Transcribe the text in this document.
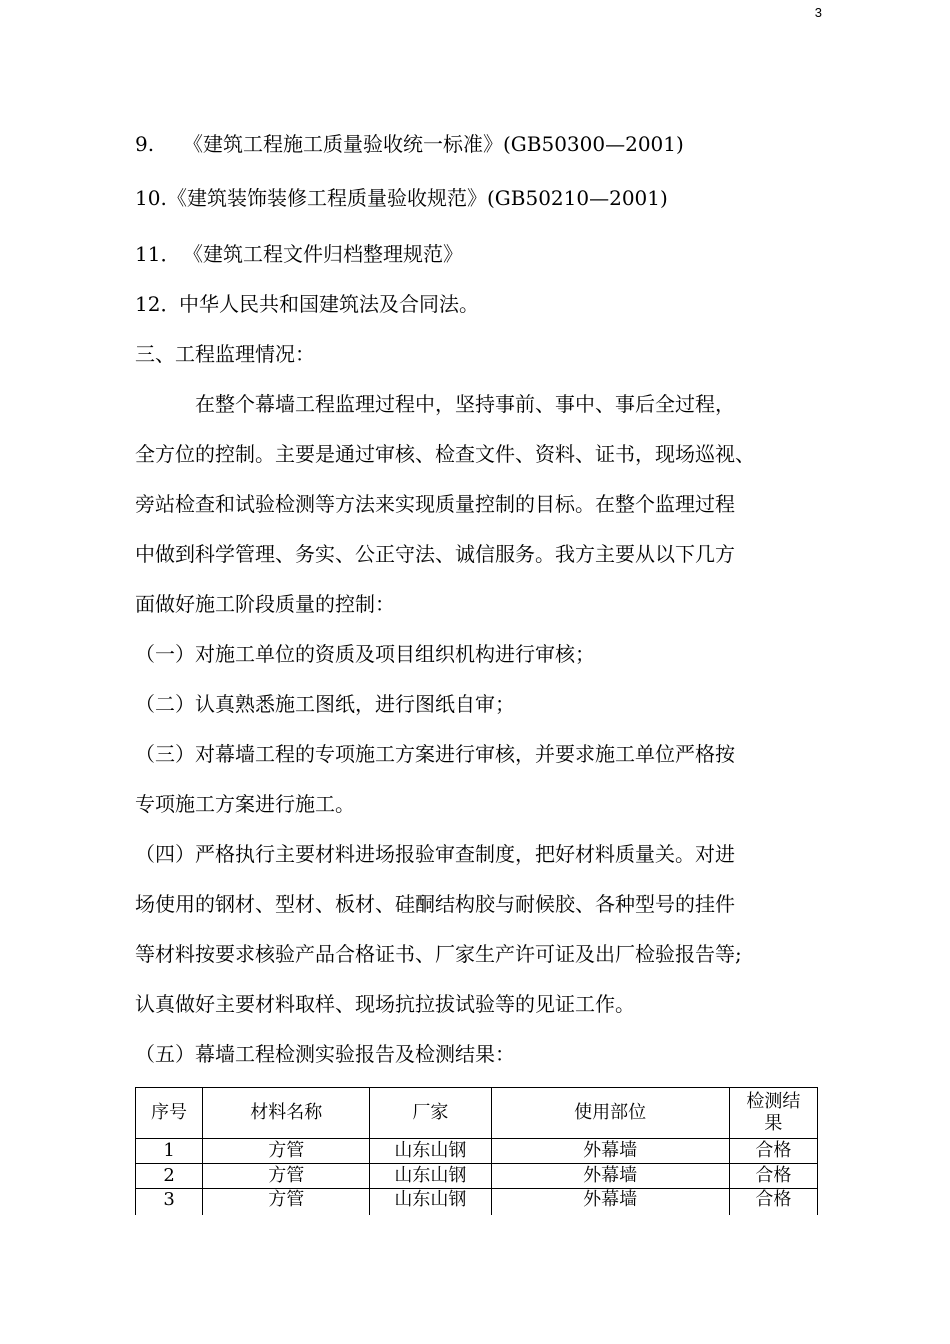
3
9. 《建筑工程施工质量验收统一标准》(GB50300—2001)
10.《建筑装饰装修工程质量验收规范》(GB50210—2001)
11． 《建筑工程文件归档整理规范》
12．中华人民共和国建筑法及合同法。
三、工程监理情况：
在整个幕墙工程监理过程中，坚持事前、事中、事后全过程，
全方位的控制。主要是通过审核、检查文件、资料、证书，现场巡视、
旁站检查和试验检测等方法来实现质量控制的目标。在整个监理过程
中做到科学管理、务实、公正守法、诚信服务。我方主要从以下几方
面做好施工阶段质量的控制：
（一）对施工单位的资质及项目组织机构进行审核；
（二）认真熟悉施工图纸，进行图纸自审；
（三）对幕墙工程的专项施工方案进行审核，并要求施工单位严格按
专项施工方案进行施工。
（四）严格执行主要材料进场报验审查制度，把好材料质量关。对进
场使用的钢材、型材、板材、硅酮结构胶与耐候胶、各种型号的挂件
等材料按要求核验产品合格证书、厂家生产许可证及出厂检验报告等;
认真做好主要材料取样、现场抗拉拔试验等的见证工作。
（五）幕墙工程检测实验报告及检测结果：
序号	材料名称	厂家	使用部位	检测结果
1	方管	山东山钢	外幕墙	合格
2	方管	山东山钢	外幕墙	合格
3	方管	山东山钢	外幕墙	合格
